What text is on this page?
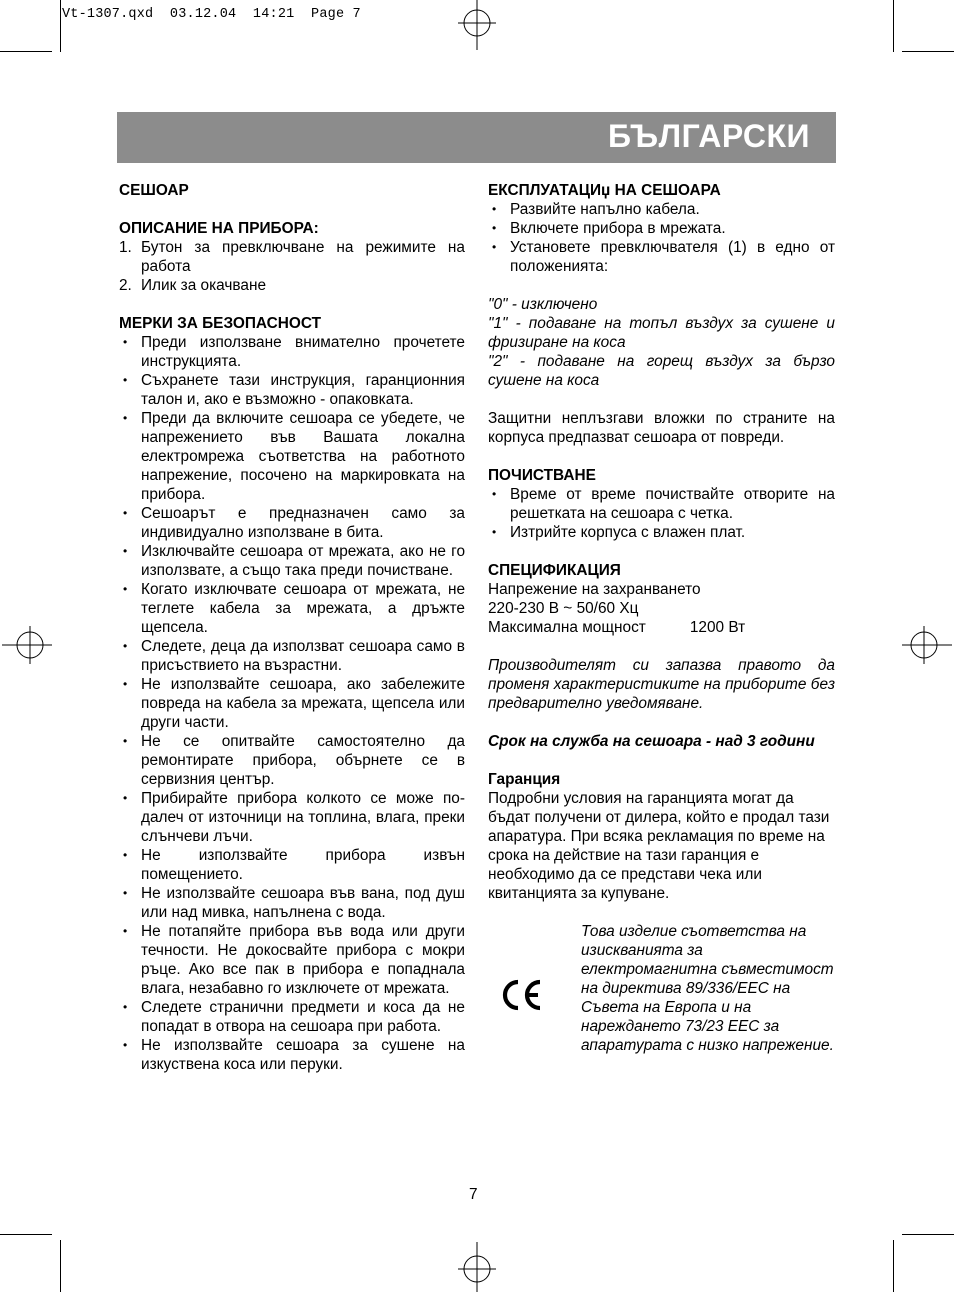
Vt-1307.qxd  03.12.04  14:21  Page 7
БЪЛГАРСКИ
СЕШОАР
ОПИСАНИЕ НА ПРИБОРА:
1. Бутон за превключване на режимите на работа
2. Илик за окачване
МЕРКИ ЗА БЕЗОПАСНОСТ
• Преди използване внимателно прочетете инструкцията.
• Съхранете тази инструкция, гаранционния талон и, ако е възможно - опаковката.
• Преди да включите сешоара се убедете, че напрежението във Вашата локална електромрежа съответства на работното напрежение, посочено на маркировката на прибора.
• Сешоарът е предназначен само за индивидуално използване в бита.
• Изключвайте сешоара от мрежата, ако не го използвате, а също така преди почистване.
• Когато изключвате сешоара от мрежата, не теглете кабела за мрежата, а дръжте щепсела.
• Следете, деца да използват сешоара само в присъствието на възрастни.
• Не използвайте сешоара, ако забележите повреда на кабела за мрежата, щепсела или други части.
• Не се опитвайте самостоятелно да ремонтирате прибора, обърнете се в сервизния център.
• Прибирайте прибора колкото се може по-далеч от източници на топлина, влага, преки слънчеви лъчи.
• Не използвайте прибора извън помещението.
• Не използвайте сешоара във вана, под душ или над мивка, напълнена с вода.
• Не потапяйте прибора във вода или други течности. Не докосвайте прибора с мокри ръце. Ако все пак в прибора е попаднала влага, незабавно го изключете от мрежата.
• Следете странични предмети и коса да не попадат в отвора на сешоара при работа.
• Не използвайте сешоара за сушене на изкуствена коса или перуки.
ЕКСПЛУАТАЦИџ НА СЕШОАРА
• Развийте напълно кабела.
• Включете прибора в мрежата.
• Установете превключвателя (1) в едно от положенията:
"0" - изключено
"1" - подаване на топъл въздух за сушене и фризиране на коса
"2" - подаване на горещ въздух за бързо сушене на коса
Защитни неплъзгави вложки по страните на корпуса предпазват сешоара от повреди.
ПОЧИСТВАНЕ
• Време от време почиствайте отворите на решетката на сешоара с четка.
• Изтрийте корпуса с влажен плат.
СПЕЦИФИКАЦИЯ
Напрежение на захранването
220-230 В ~ 50/60 Хц
Максимална мощност	1200 Вт
Производителят си запазва правото да променя характеристиките на приборите без предварително уведомяване.
Срок на служба на сешоара - над 3 години
Гаранция
Подробни условия на гаранцията могат да бъдат получени от дилера, който е продал тази апаратура. При всяка рекламация по време на срока на действие на тази гаранция е необходимо да се представи чека или квитанцията за купуване.
Това изделие съответства на изискванията за електромагнитна съвместимост на директива 89/336/ЕЕС на Съвета на Европа и на нареждането 73/23 ЕЕС за апаратурата с низко напрежение.
7
